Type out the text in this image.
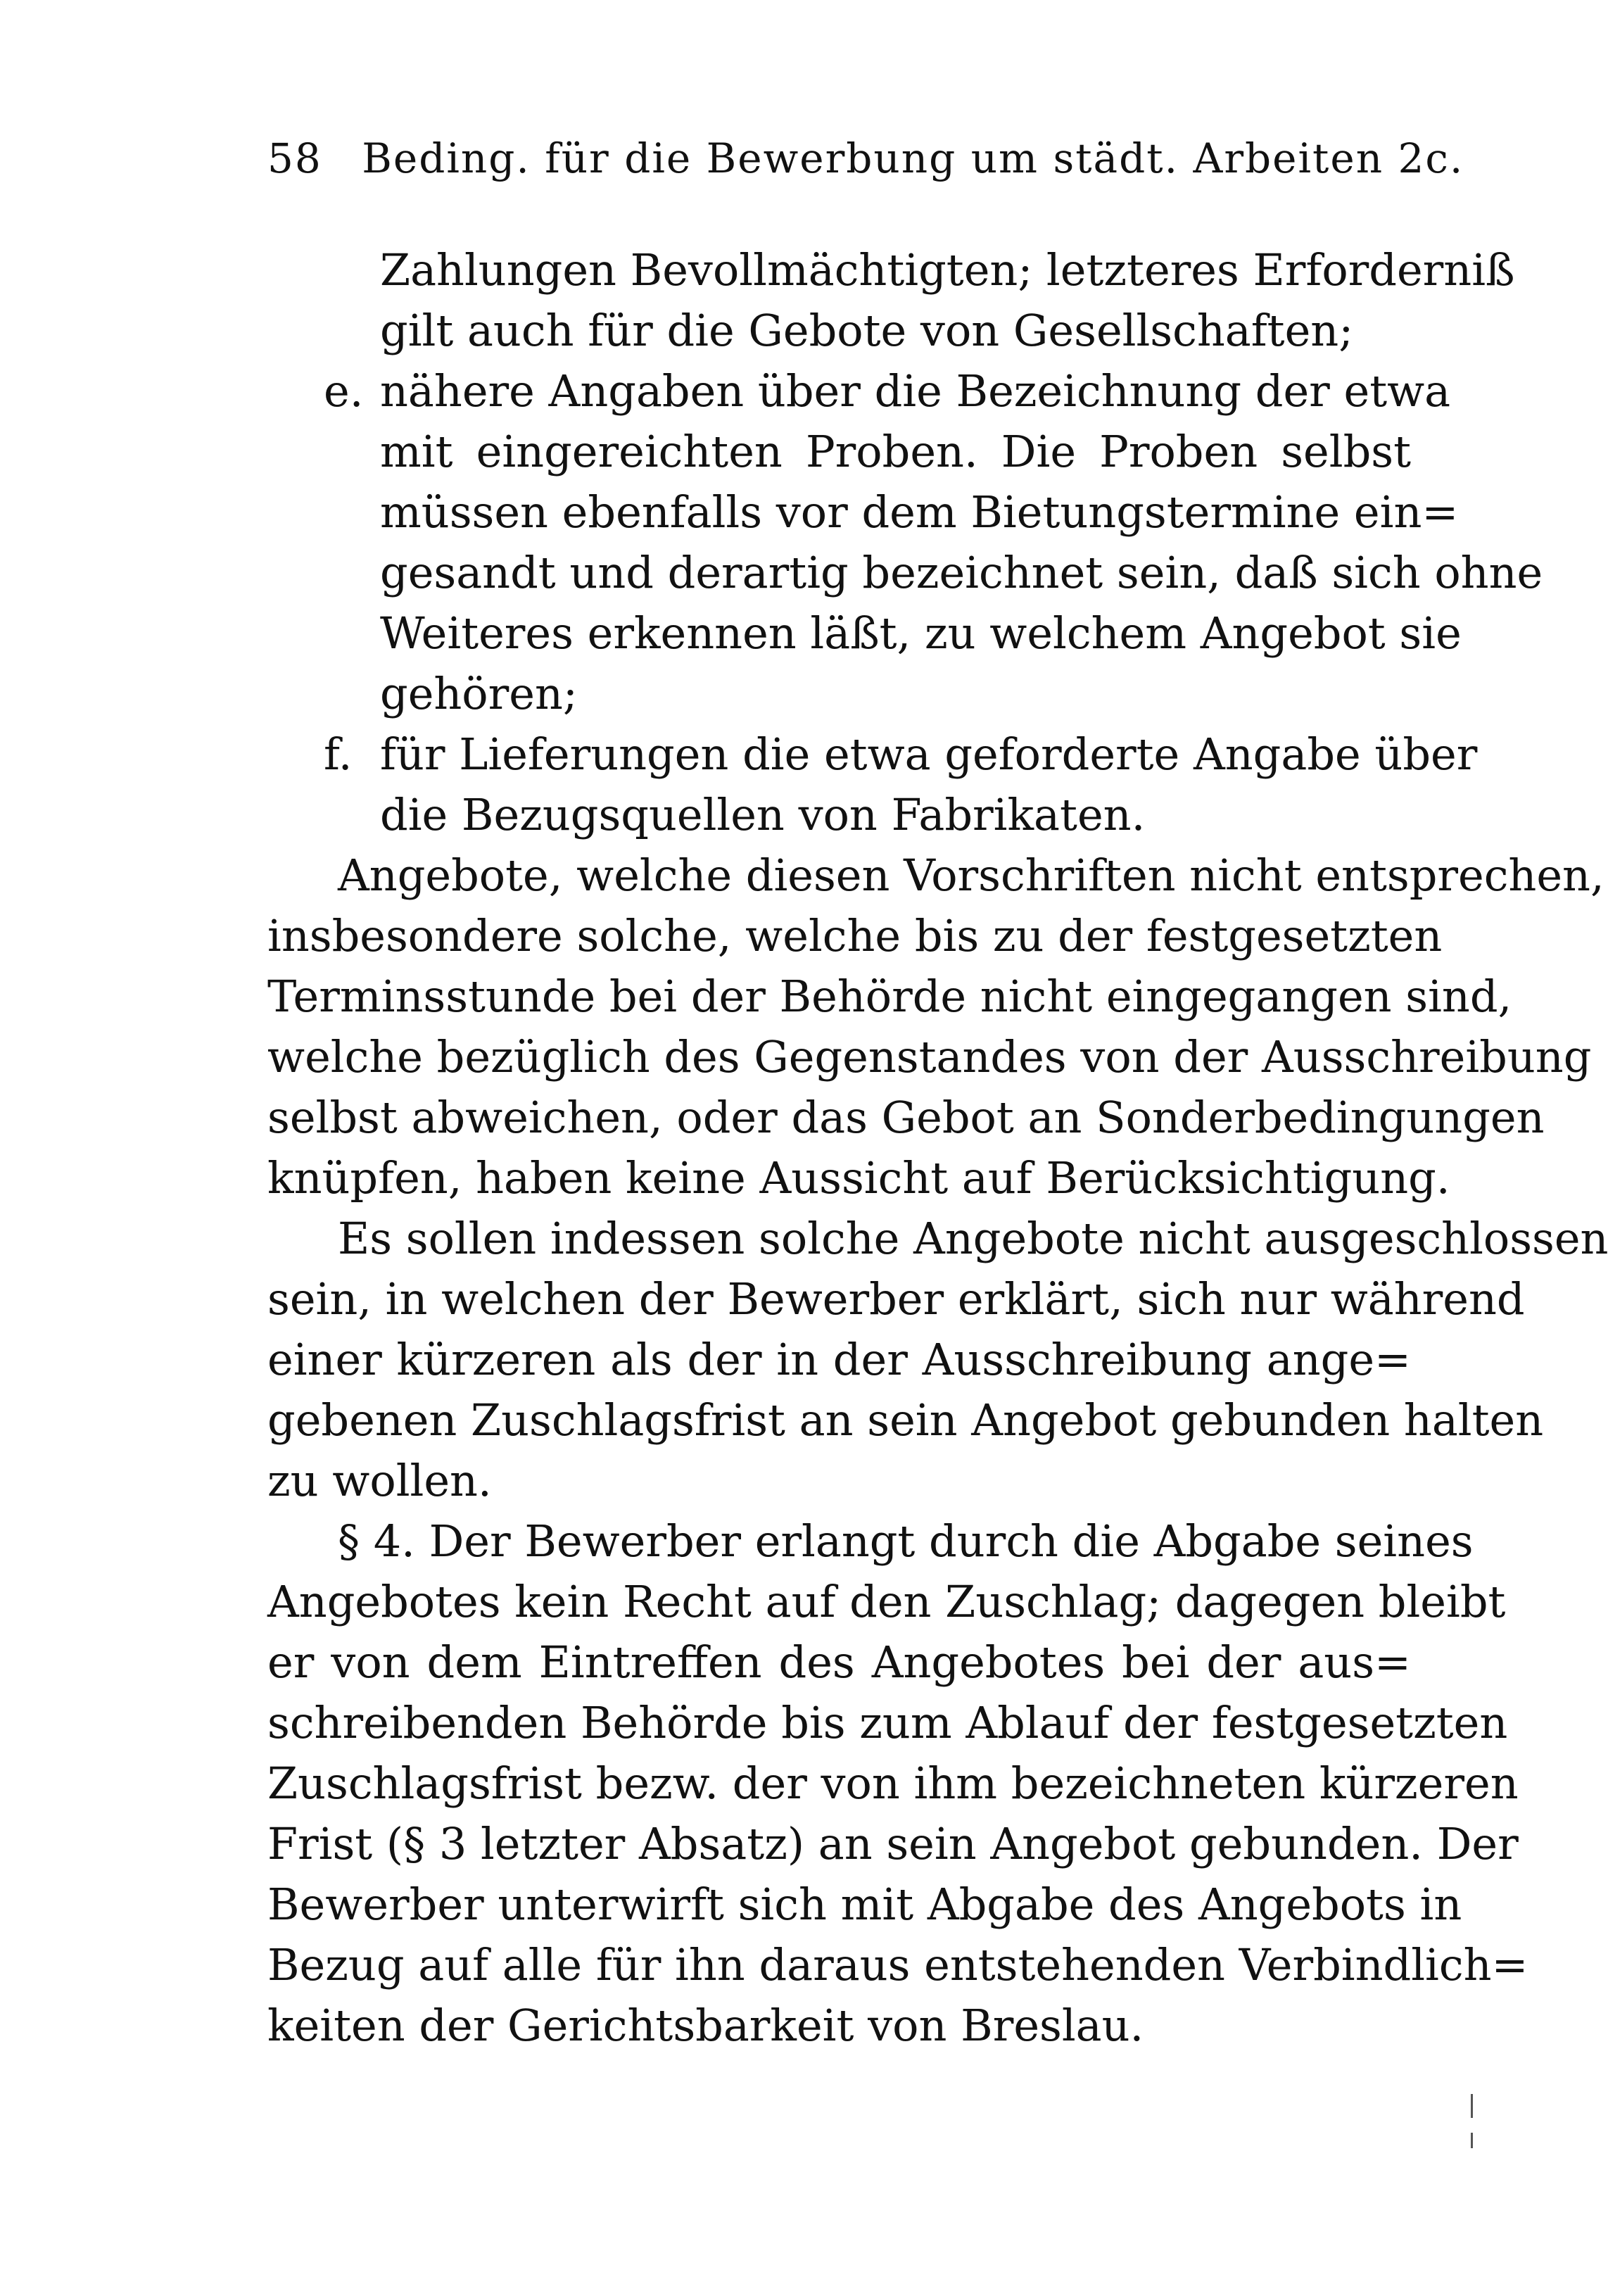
58 Beding. für die Bewerbung um städt. Arbeiten 2c.
Zahlungen Bevollmächtigten; letzteres Erforderniß
gilt auch für die Gebote von Gesellschaften;
e. nähere Angaben über die Bezeichnung der etwa
mit eingereichten Proben. Die Proben selbst
müssen ebenfalls vor dem Bietungstermine ein=
gesandt und derartig bezeichnet sein, daß sich ohne
Weiteres erkennen läßt, zu welchem Angebot sie
gehören;
f. für Lieferungen die etwa geforderte Angabe über
die Bezugsquellen von Fabrikaten.
Angebote, welche diesen Vorschriften nicht entsprechen,
insbesondere solche, welche bis zu der festgesetzten
Terminsstunde bei der Behörde nicht eingegangen sind,
welche bezüglich des Gegenstandes von der Ausschreibung
selbst abweichen, oder das Gebot an Sonderbedingungen
knüpfen, haben keine Aussicht auf Berücksichtigung.
Es sollen indessen solche Angebote nicht ausgeschlossen
sein, in welchen der Bewerber erklärt, sich nur während
einer kürzeren als der in der Ausschreibung ange=
gebenen Zuschlagsfrist an sein Angebot gebunden halten
zu wollen.
§ 4. Der Bewerber erlangt durch die Abgabe seines
Angebotes kein Recht auf den Zuschlag; dagegen bleibt
er von dem Eintreffen des Angebotes bei der aus=
schreibenden Behörde bis zum Ablauf der festgesetzten
Zuschlagsfrist bezw. der von ihm bezeichneten kürzeren
Frist (§ 3 letzter Absatz) an sein Angebot gebunden. Der
Bewerber unterwirft sich mit Abgabe des Angebots in
Bezug auf alle für ihn daraus entstehenden Verbindlich=
keiten der Gerichtsbarkeit von Breslau.
